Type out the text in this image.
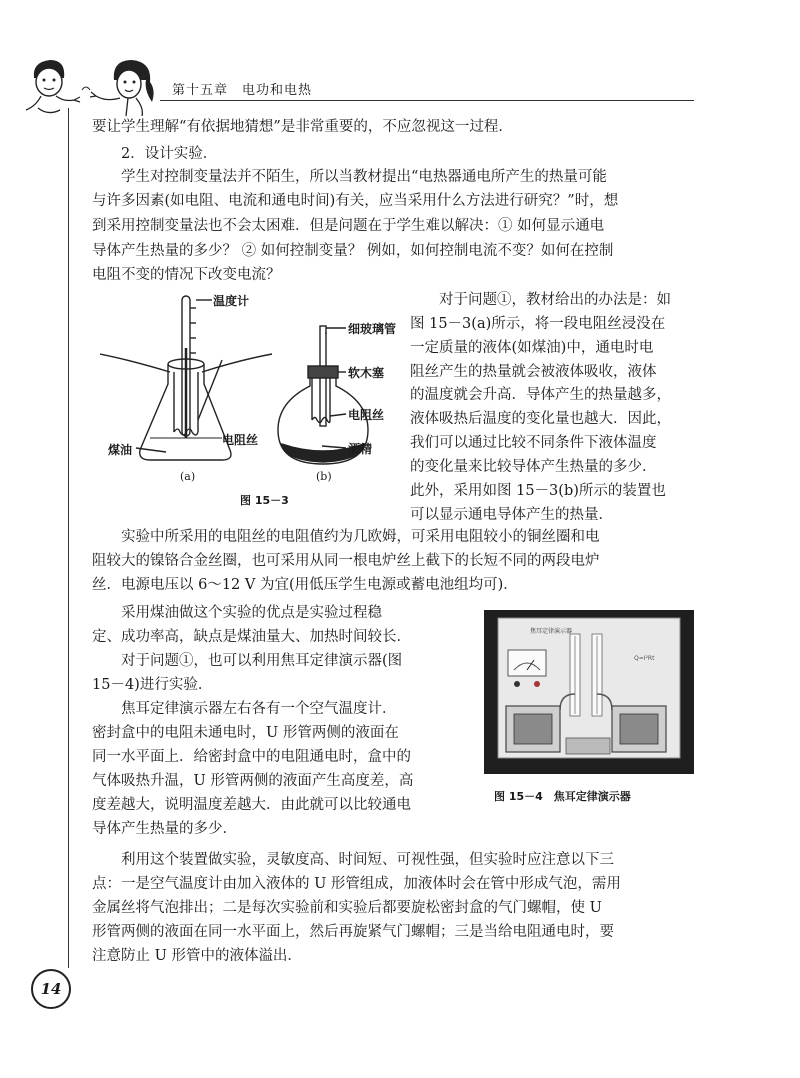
第十五章　电功和电热
要让学生理解“有依据地猜想”是非常重要的，不应忽视这一过程．
　　2．设计实验．
　　学生对控制变量法并不陌生，所以当教材提出“电热器通电所产生的热量可能
与许多因素(如电阻、电流和通电时间)有关，应当采用什么方法进行研究？”时，想
到采用控制变量法也不会太困难．但是问题在于学生难以解决：① 如何显示通电
导体产生热量的多少？ ② 如何控制变量？ 例如，如何控制电流不变？如何在控制
电阻不变的情况下改变电流？
温度计
电阻丝
煤油
细玻璃管
软木塞
电阻丝
酒精
(a)	(b)
图 15－3
　　对于问题①，教材给出的办法是：如
图 15－3(a)所示，将一段电阻丝浸没在
一定质量的液体(如煤油)中，通电时电
阻丝产生的热量就会被液体吸收，液体
的温度就会升高．导体产生的热量越多，
液体吸热后温度的变化量也越大．因此，
我们可以通过比较不同条件下液体温度
的变化量来比较导体产生热量的多少．
此外，采用如图 15－3(b)所示的装置也
可以显示通电导体产生的热量．
　　实验中所采用的电阻丝的电阻值约为几欧姆，可采用电阻较小的铜丝圈和电
阻较大的镍铬合金丝圈，也可采用从同一根电炉丝上截下的长短不同的两段电炉
丝．电源电压以 6～12 V 为宜(用低压学生电源或蓄电池组均可)．
　　采用煤油做这个实验的优点是实验过程稳
定、成功率高，缺点是煤油量大、加热时间较长．
　　对于问题①，也可以利用焦耳定律演示器(图
15－4)进行实验．
　　焦耳定律演示器左右各有一个空气温度计．
密封盒中的电阻未通电时，U 形管两侧的液面在
同一水平面上．给密封盒中的电阻通电时，盒中的
气体吸热升温，U 形管两侧的液面产生高度差，高
度差越大，说明温度差越大．由此就可以比较通电
导体产生热量的多少．
Q=I²Rt
焦耳定律演示器
图 15－4　焦耳定律演示器
　　利用这个装置做实验，灵敏度高、时间短、可视性强，但实验时应注意以下三
点：一是空气温度计由加入液体的 U 形管组成，加液体时会在管中形成气泡，需用
金属丝将气泡排出；二是每次实验前和实验后都要旋松密封盒的气门螺帽，使 U
形管两侧的液面在同一水平面上，然后再旋紧气门螺帽；三是当给电阻通电时，要
注意防止 U 形管中的液体溢出．
14
